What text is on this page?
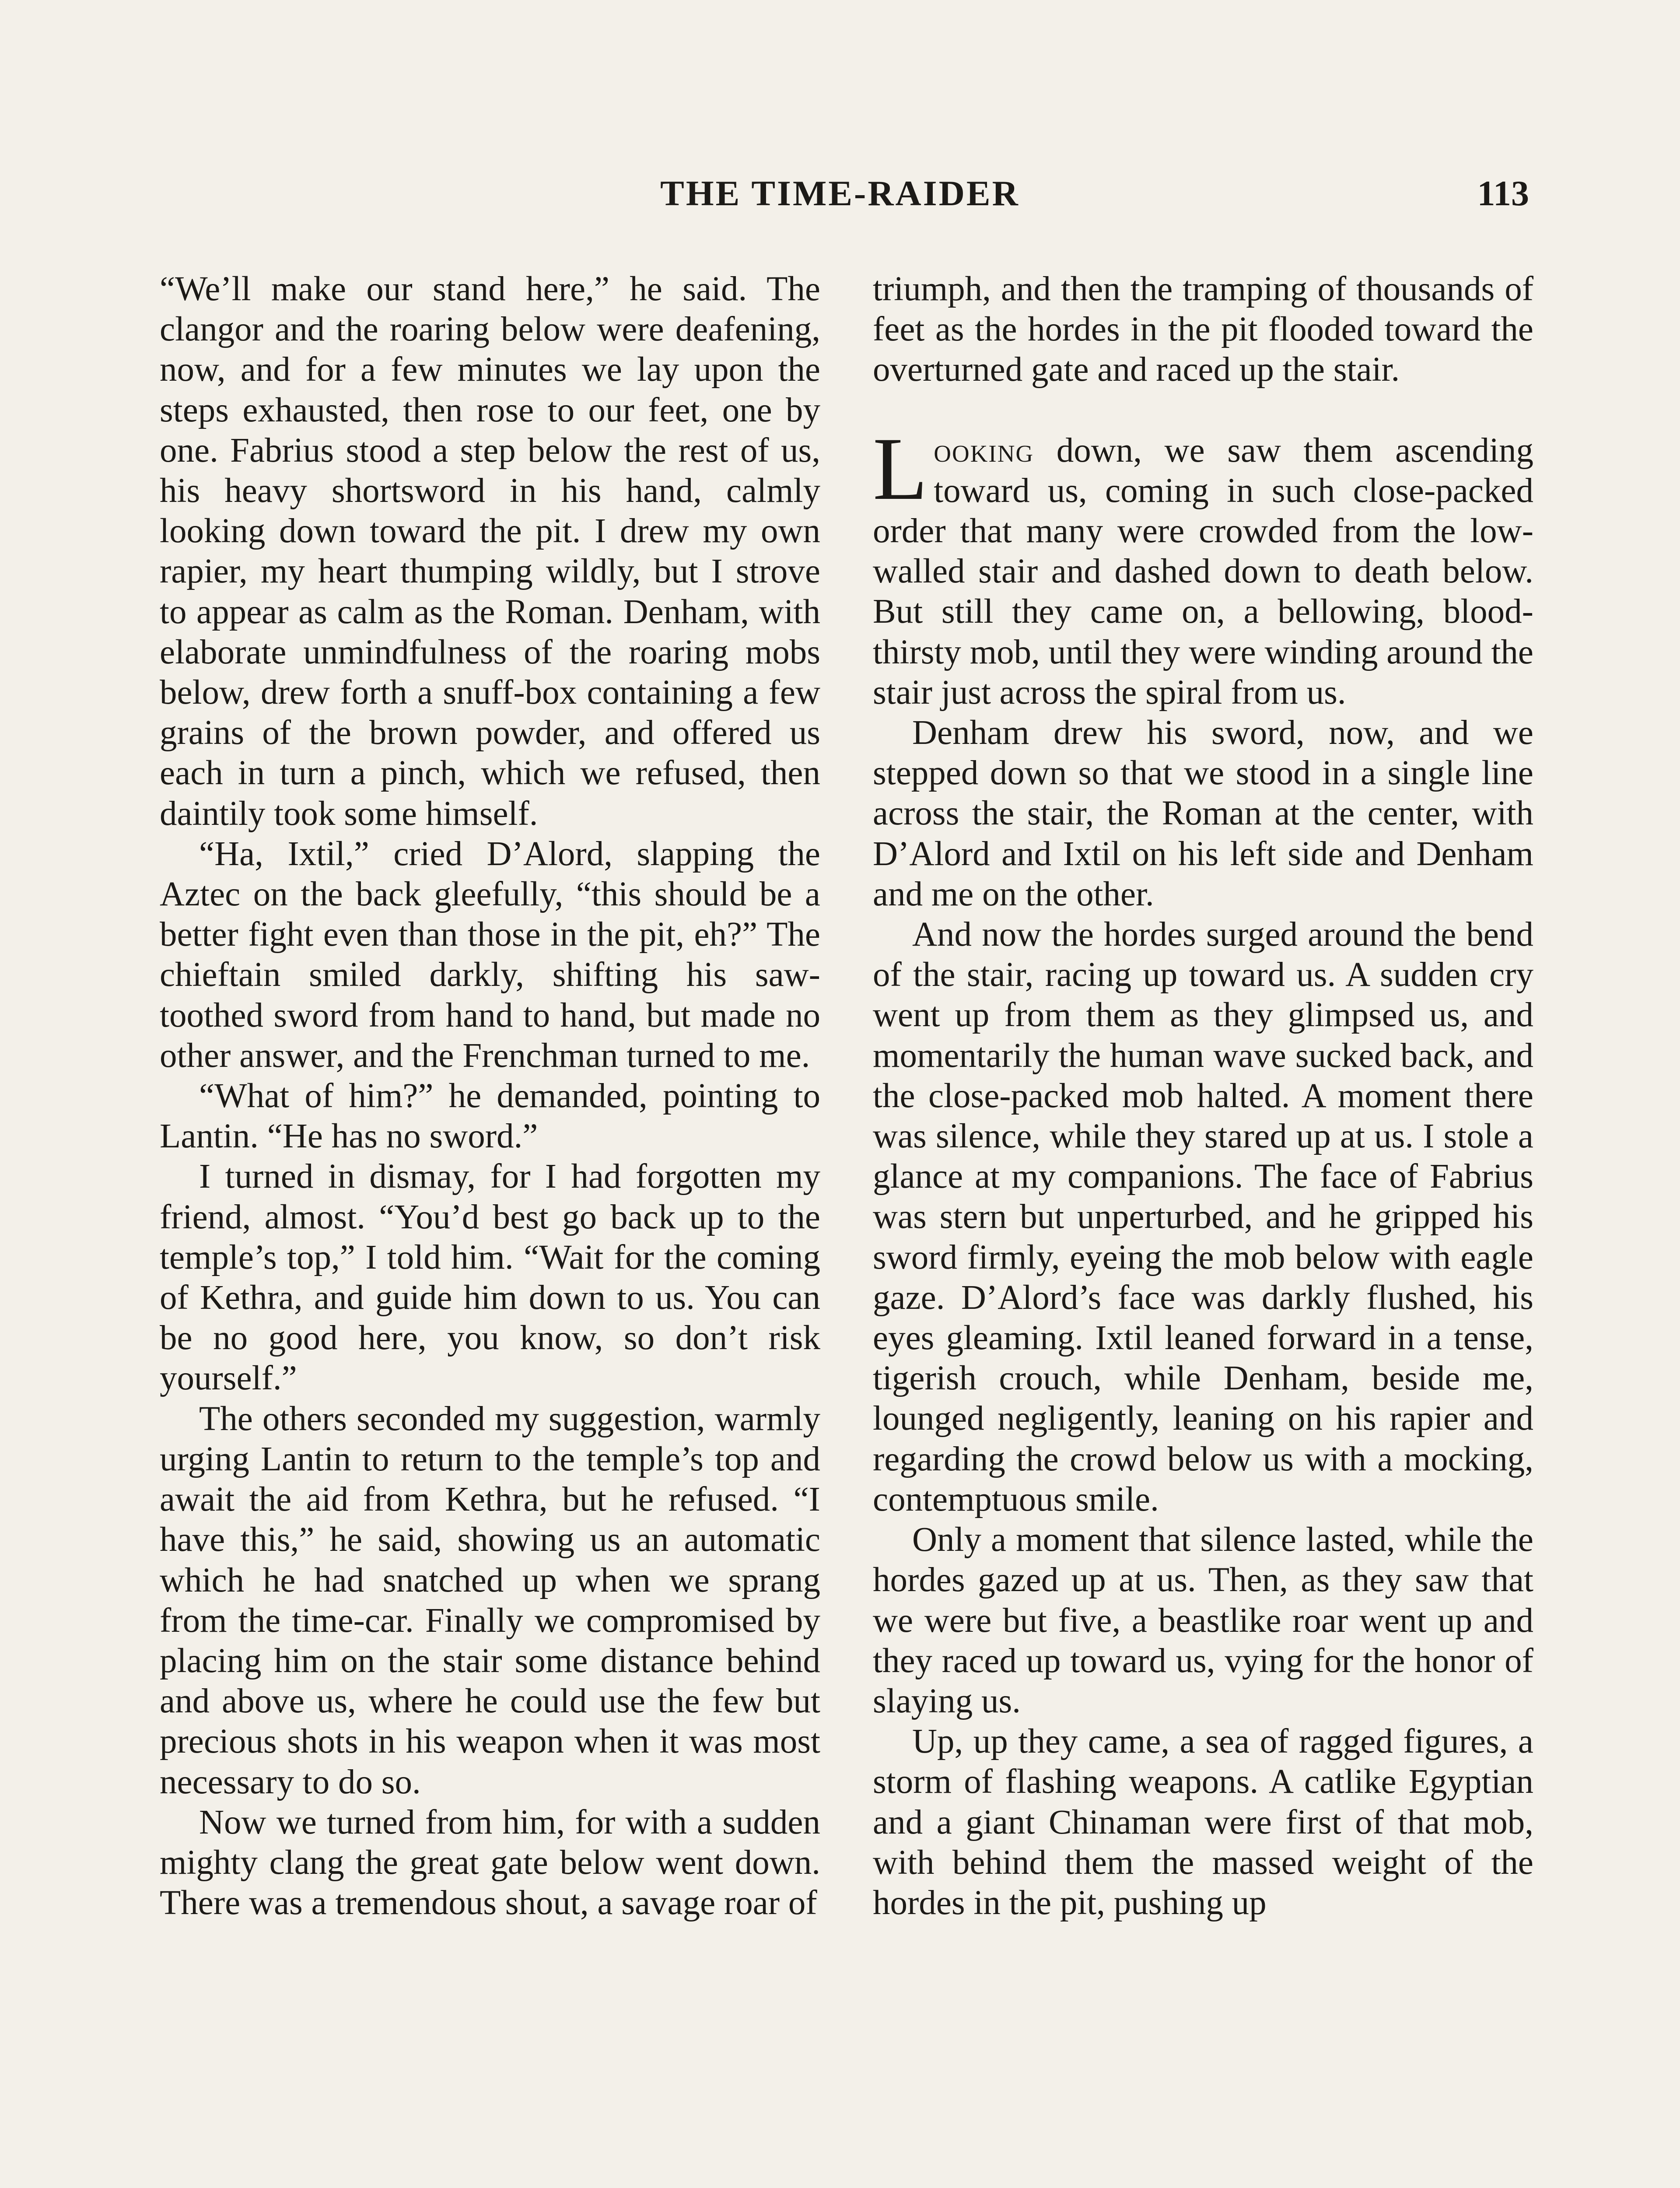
THE TIME-RAIDER	113

“We’ll make our stand here,” he said. The clangor and the roaring below were deafening, now, and for a few minutes we lay upon the steps exhausted, then rose to our feet, one by one. Fabrius stood a step below the rest of us, his heavy shortsword in his hand, calmly looking down toward the pit. I drew my own rapier, my heart thumping wildly, but I strove to appear as calm as the Roman. Denham, with elaborate unmindfulness of the roaring mobs below, drew forth a snuff-box containing a few grains of the brown powder, and offered us each in turn a pinch, which we refused, then daintily took some himself.

“Ha, Ixtil,” cried D’Alord, slapping the Aztec on the back gleefully, “this should be a better fight even than those in the pit, eh?” The chieftain smiled darkly, shifting his saw-toothed sword from hand to hand, but made no other answer, and the Frenchman turned to me.

“What of him?” he demanded, pointing to Lantin. “He has no sword.”

I turned in dismay, for I had forgotten my friend, almost. “You’d best go back up to the temple’s top,” I told him. “Wait for the coming of Kethra, and guide him down to us. You can be no good here, you know, so don’t risk yourself.”

The others seconded my suggestion, warmly urging Lantin to return to the temple’s top and await the aid from Kethra, but he refused. “I have this,” he said, showing us an automatic which he had snatched up when we sprang from the time-car. Finally we compromised by placing him on the stair some distance behind and above us, where he could use the few but precious shots in his weapon when it was most necessary to do so.

Now we turned from him, for with a sudden mighty clang the great gate below went down. There was a tremendous shout, a savage roar of

triumph, and then the tramping of thousands of feet as the hordes in the pit flooded toward the overturned gate and raced up the stair.

Looking down, we saw them ascending toward us, coming in such close-packed order that many were crowded from the low-walled stair and dashed down to death below. But still they came on, a bellowing, blood-thirsty mob, until they were winding around the stair just across the spiral from us.

Denham drew his sword, now, and we stepped down so that we stood in a single line across the stair, the Roman at the center, with D’Alord and Ixtil on his left side and Denham and me on the other.

And now the hordes surged around the bend of the stair, racing up toward us. A sudden cry went up from them as they glimpsed us, and momentarily the human wave sucked back, and the close-packed mob halted. A moment there was silence, while they stared up at us. I stole a glance at my companions. The face of Fabrius was stern but unperturbed, and he gripped his sword firmly, eyeing the mob below with eagle gaze. D’Alord’s face was darkly flushed, his eyes gleaming. Ixtil leaned forward in a tense, tigerish crouch, while Denham, beside me, lounged negligently, leaning on his rapier and regarding the crowd below us with a mocking, contemptuous smile.

Only a moment that silence lasted, while the hordes gazed up at us. Then, as they saw that we were but five, a beastlike roar went up and they raced up toward us, vying for the honor of slaying us.

Up, up they came, a sea of ragged figures, a storm of flashing weapons. A catlike Egyptian and a giant Chinaman were first of that mob, with behind them the massed weight of the hordes in the pit, pushing up
